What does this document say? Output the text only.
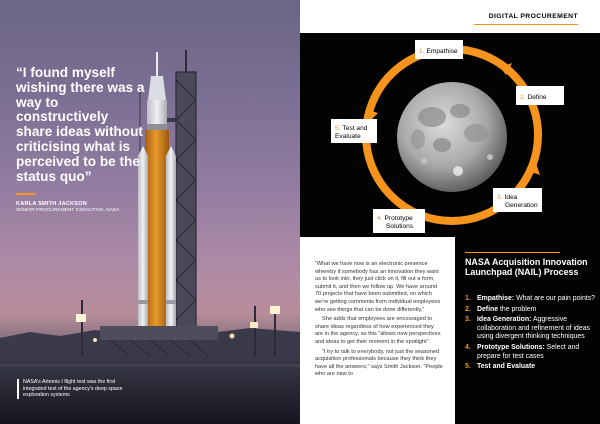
“I found myself wishing there was a way to constructively share ideas without criticising what is perceived to be the status quo”

KARLA SMITH JACKSON
SENIOR PROCUREMENT EXECUTIVE, NASA
NASA’s Artemis I flight test was the first integrated test of the agency’s deep space exploration systems
DIGITAL PROCUREMENT
1. Empathise
2. Define
3. Idea Generation
4. Prototype Solutions
5. Test and Evaluate

“What we have now is an electronic presence whereby if somebody has an innovation they want us to look into, they just click on it, fill out a form, submit it, and then we follow up. We have around 70 projects that have been submitted, on which we’re getting comments from individual employees who see things that can be done differently.”

She adds that employees are encouraged to share ideas regardless of how experienced they are in the agency, as this “allows new perspectives and ideas to get their moment in the spotlight”.

“I try to talk to everybody, not just the seasoned acquisition professionals because they think they have all the answers,” says Smith Jackson. “People who are new to

NASA Acquisition Innovation Launchpad (NAIL) Process
1. Empathise: What are our pain points?
2. Define the problem
3. Idea Generation: Aggressive collaboration and refinement of ideas using divergent thinking techniques
4. Prototype Solutions: Select and prepare for test cases
5. Test and Evaluate
